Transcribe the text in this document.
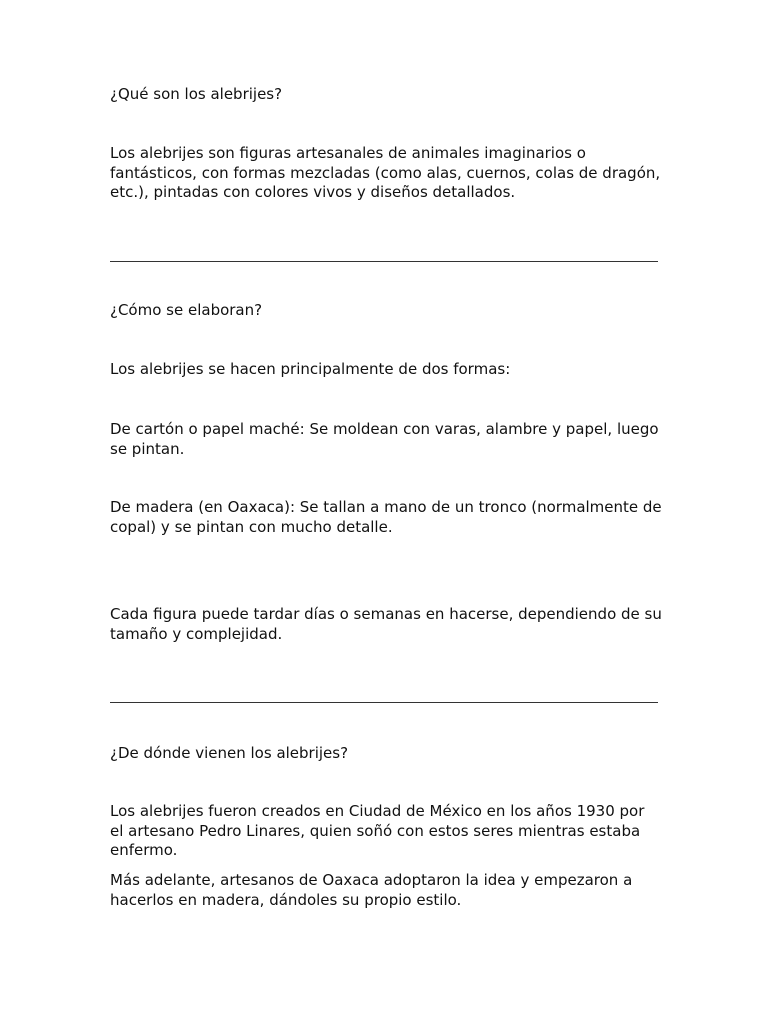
¿Qué son los alebrijes?

Los alebrijes son figuras artesanales de animales imaginarios o fantásticos, con formas mezcladas (como alas, cuernos, colas de dragón, etc.), pintadas con colores vivos y diseños detallados.

¿Cómo se elaboran?

Los alebrijes se hacen principalmente de dos formas:

De cartón o papel maché: Se moldean con varas, alambre y papel, luego se pintan.

De madera (en Oaxaca): Se tallan a mano de un tronco (normalmente de copal) y se pintan con mucho detalle.

Cada figura puede tardar días o semanas en hacerse, dependiendo de su tamaño y complejidad.

¿De dónde vienen los alebrijes?

Los alebrijes fueron creados en Ciudad de México en los años 1930 por el artesano Pedro Linares, quien soñó con estos seres mientras estaba enfermo.

Más adelante, artesanos de Oaxaca adoptaron la idea y empezaron a hacerlos en madera, dándoles su propio estilo.
